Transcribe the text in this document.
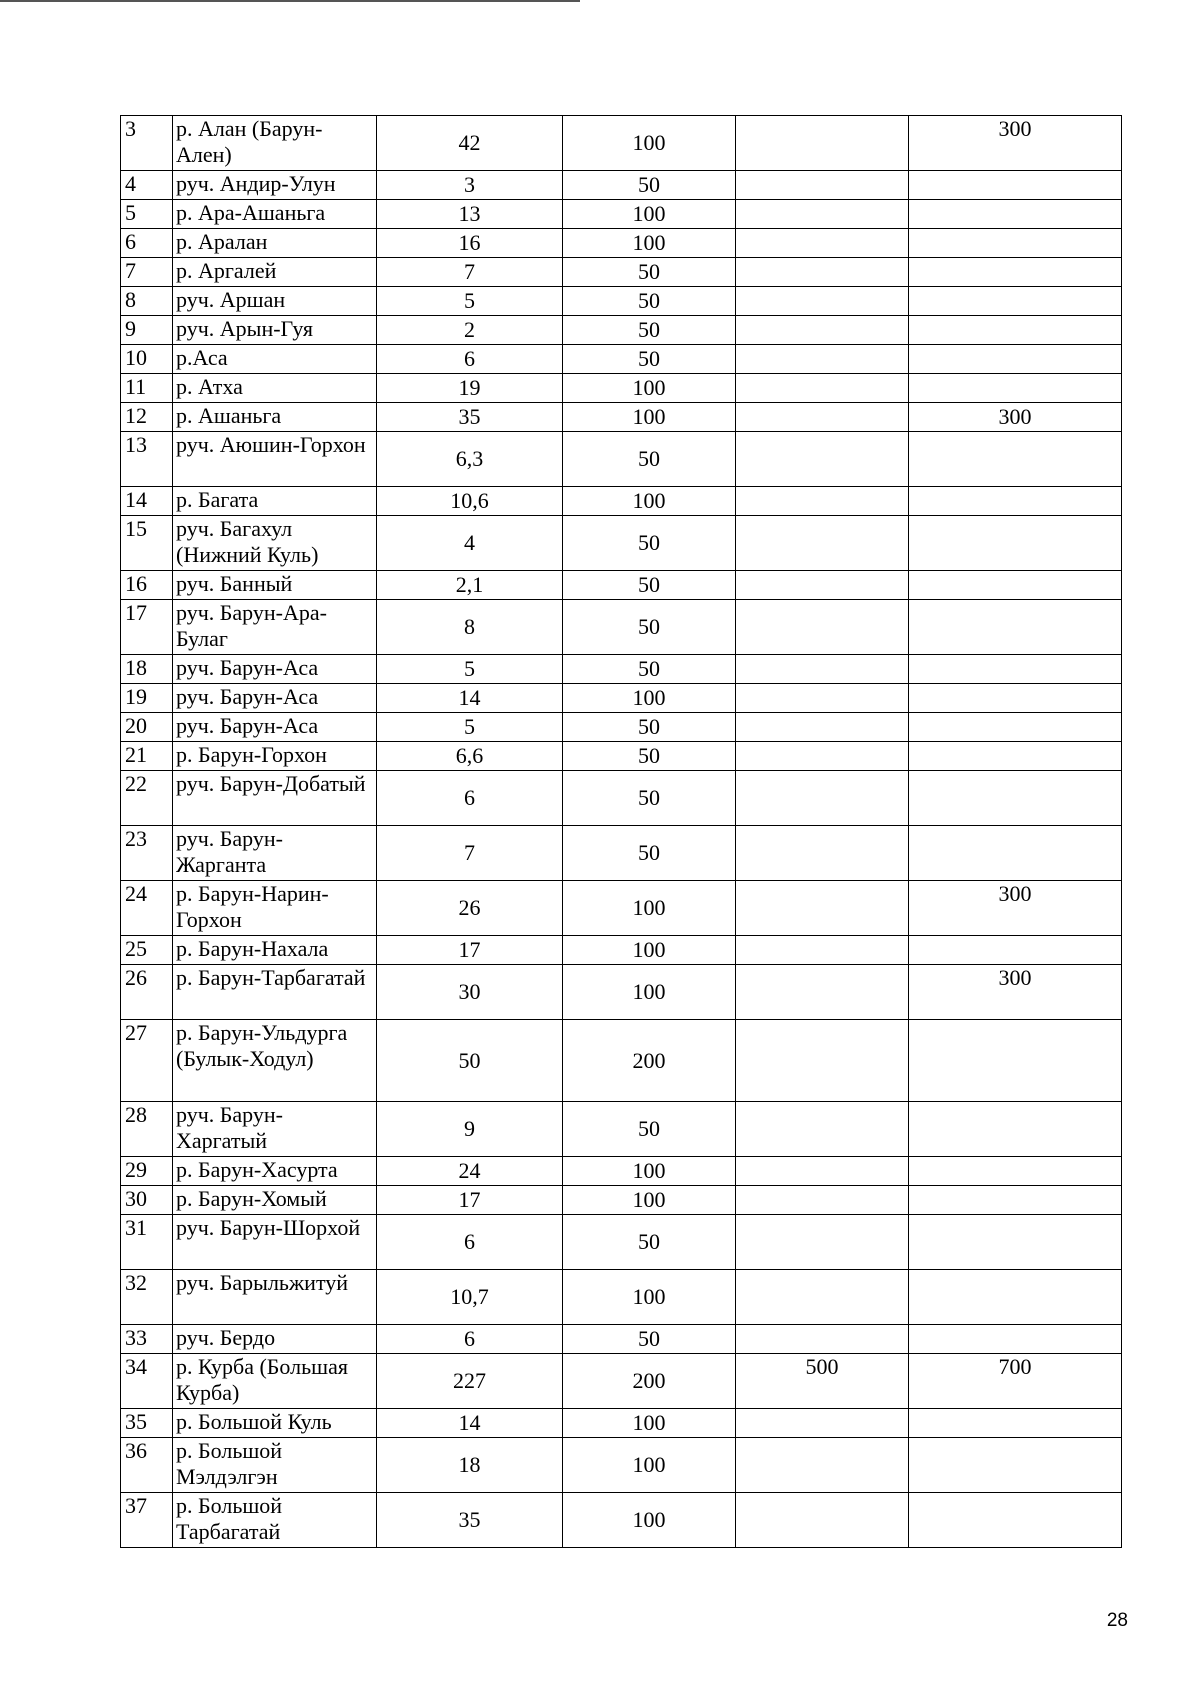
3	р. Алан (Барун-Ален)	42	100		300
4	руч. Андир-Улун	3	50		
5	р. Ара-Ашаньга	13	100		
6	р. Аралан	16	100		
7	р. Аргалей	7	50		
8	руч. Аршан	5	50		
9	руч. Арын-Гуя	2	50		
10	р.Аса	6	50		
11	р. Атха	19	100		
12	р. Ашаньга	35	100		300
13	руч. Аюшин-Горхон	6,3	50		
14	р. Багата	10,6	100		
15	руч. Багахул (Нижний Куль)	4	50		
16	руч. Банный	2,1	50		
17	руч. Барун-Ара-Булаг	8	50		
18	руч. Барун-Аса	5	50		
19	руч. Барун-Аса	14	100		
20	руч. Барун-Аса	5	50		
21	р. Барун-Горхон	6,6	50		
22	руч. Барун-Добатый	6	50		
23	руч. Барун-Жарганта	7	50		
24	р. Барун-Нарин-Горхон	26	100		300
25	р. Барун-Нахала	17	100		
26	р. Барун-Тарбагатай	30	100		300
27	р. Барун-Ульдурга (Булык-Ходул)	50	200		
28	руч. Барун-Харгатый	9	50		
29	р. Барун-Хасурта	24	100		
30	р. Барун-Хомый	17	100		
31	руч. Барун-Шорхой	6	50		
32	руч. Барыльжитуй	10,7	100		
33	руч. Бердо	6	50		
34	р. Курба (Большая Курба)	227	200	500	700
35	р. Большой Куль	14	100		
36	р. Большой Мэлдэлгэн	18	100		
37	р. Большой Тарбагатай	35	100		
28
